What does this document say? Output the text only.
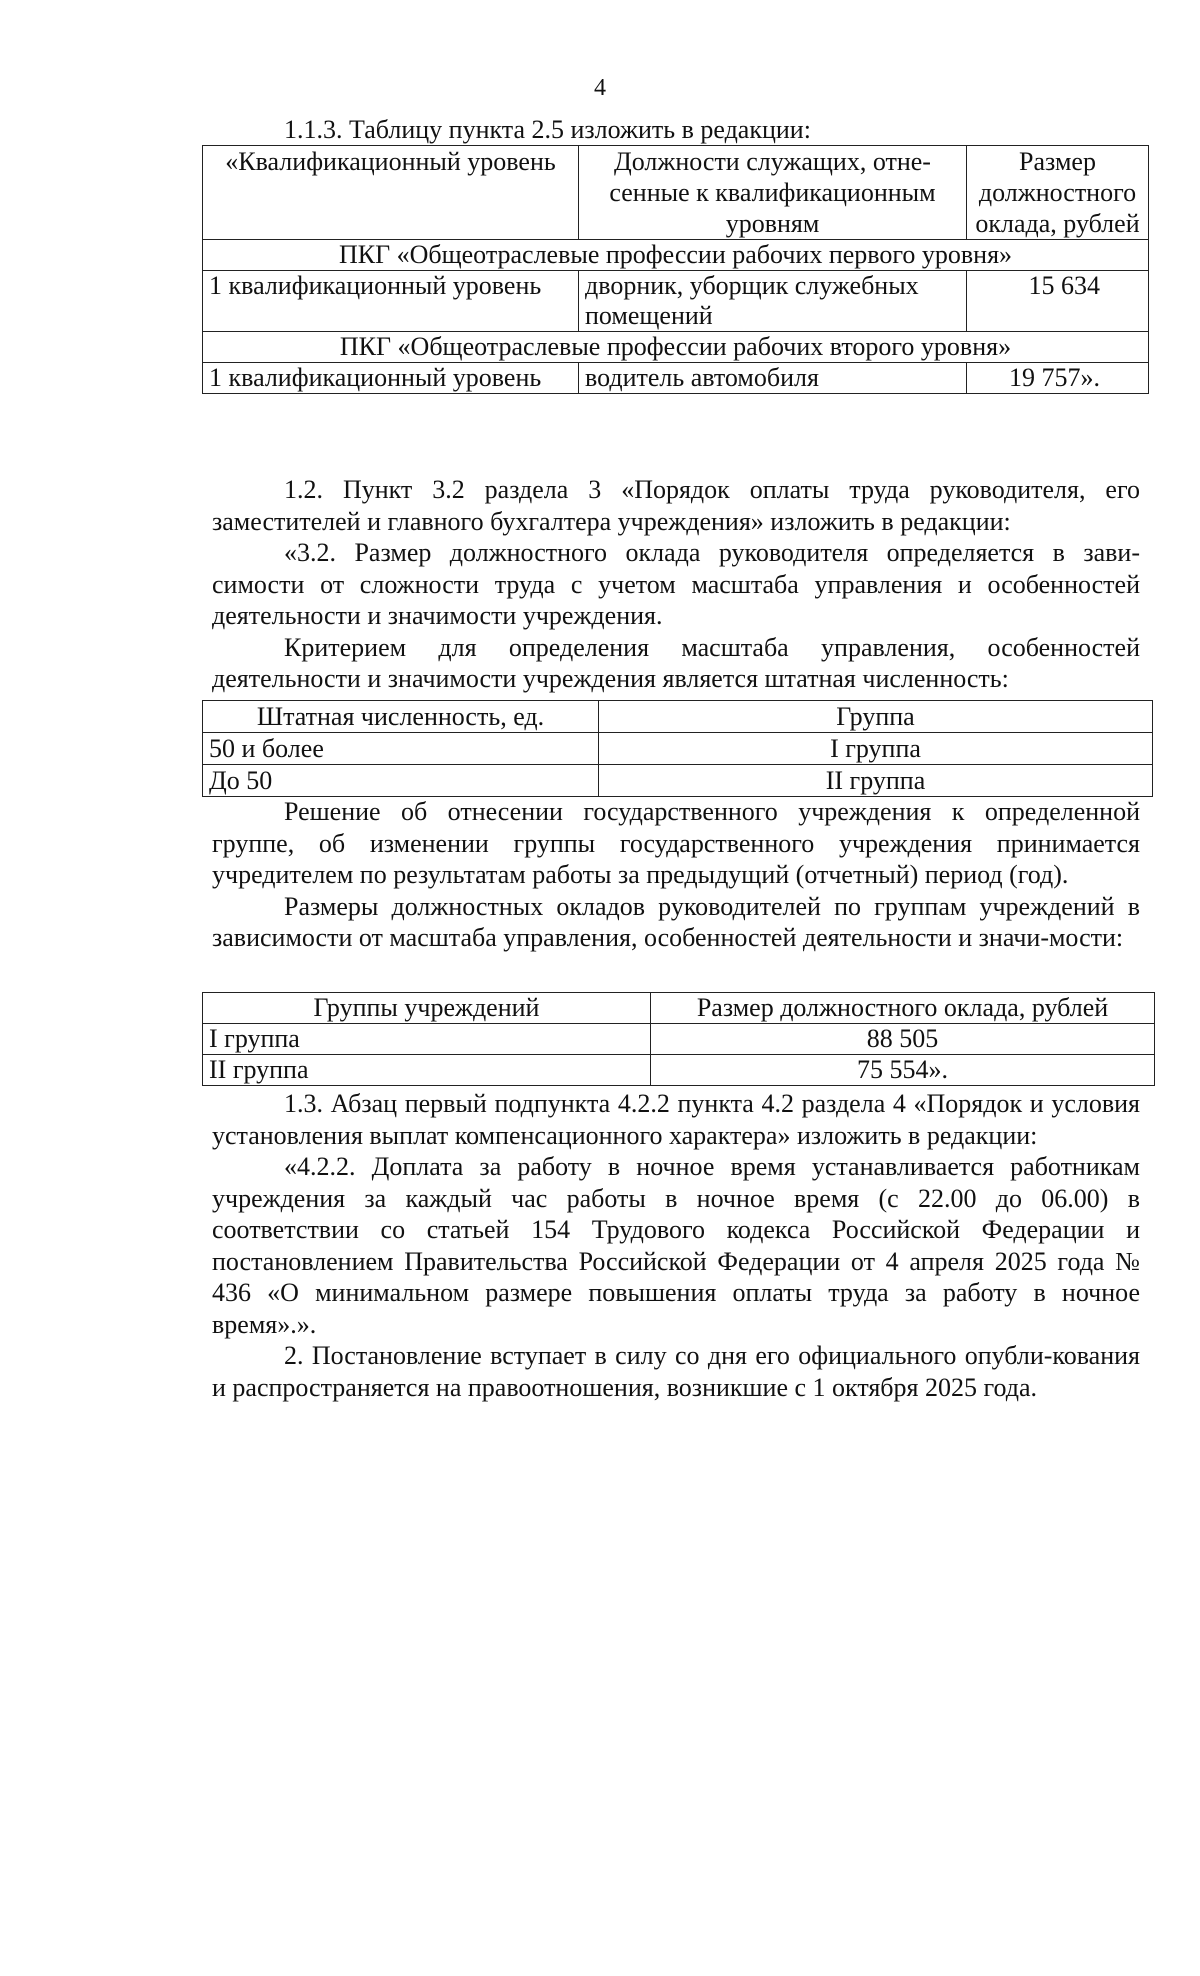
4

1.1.3. Таблицу пункта 2.5 изложить в редакции:

«Квалификационный уровень	Должности служащих, отне-сенные к квалификационным уровням	Размер должностного оклада, рублей
ПКГ «Общеотраслевые профессии рабочих первого уровня»		
1 квалификационный уровень	дворник, уборщик служебных помещений	15 634
ПКГ «Общеотраслевые профессии рабочих второго уровня»		
1 квалификационный уровень	водитель автомобиля	19 757».

1.2. Пункт 3.2 раздела 3 «Порядок оплаты труда руководителя, его заместителей и главного бухгалтера учреждения» изложить в редакции:

«3.2. Размер должностного оклада руководителя определяется в зави-симости от сложности труда с учетом масштаба управления и особенностей деятельности и значимости учреждения.

Критерием для определения масштаба управления, особенностей деятельности и значимости учреждения является штатная численность:

Штатная численность, ед.	Группа
50 и более	I группа
До 50	II группа

Решение об отнесении государственного учреждения к определенной группе, об изменении группы государственного учреждения принимается учредителем по результатам работы за предыдущий (отчетный) период (год).

Размеры должностных окладов руководителей по группам учреждений в зависимости от масштаба управления, особенностей деятельности и значи-мости:

Группы учреждений	Размер должностного оклада, рублей
I группа	88 505
II группа	75 554».

1.3. Абзац первый подпункта 4.2.2 пункта 4.2 раздела 4 «Порядок и условия установления выплат компенсационного характера» изложить в редакции:

«4.2.2. Доплата за работу в ночное время устанавливается работникам учреждения за каждый час работы в ночное время (с 22.00 до 06.00) в соответствии со статьей 154 Трудового кодекса Российской Федерации и постановлением Правительства Российской Федерации от 4 апреля 2025 года № 436 «О минимальном размере повышения оплаты труда за работу в ночное время».».

2. Постановление вступает в силу со дня его официального опубли-кования и распространяется на правоотношения, возникшие с 1 октября 2025 года.
